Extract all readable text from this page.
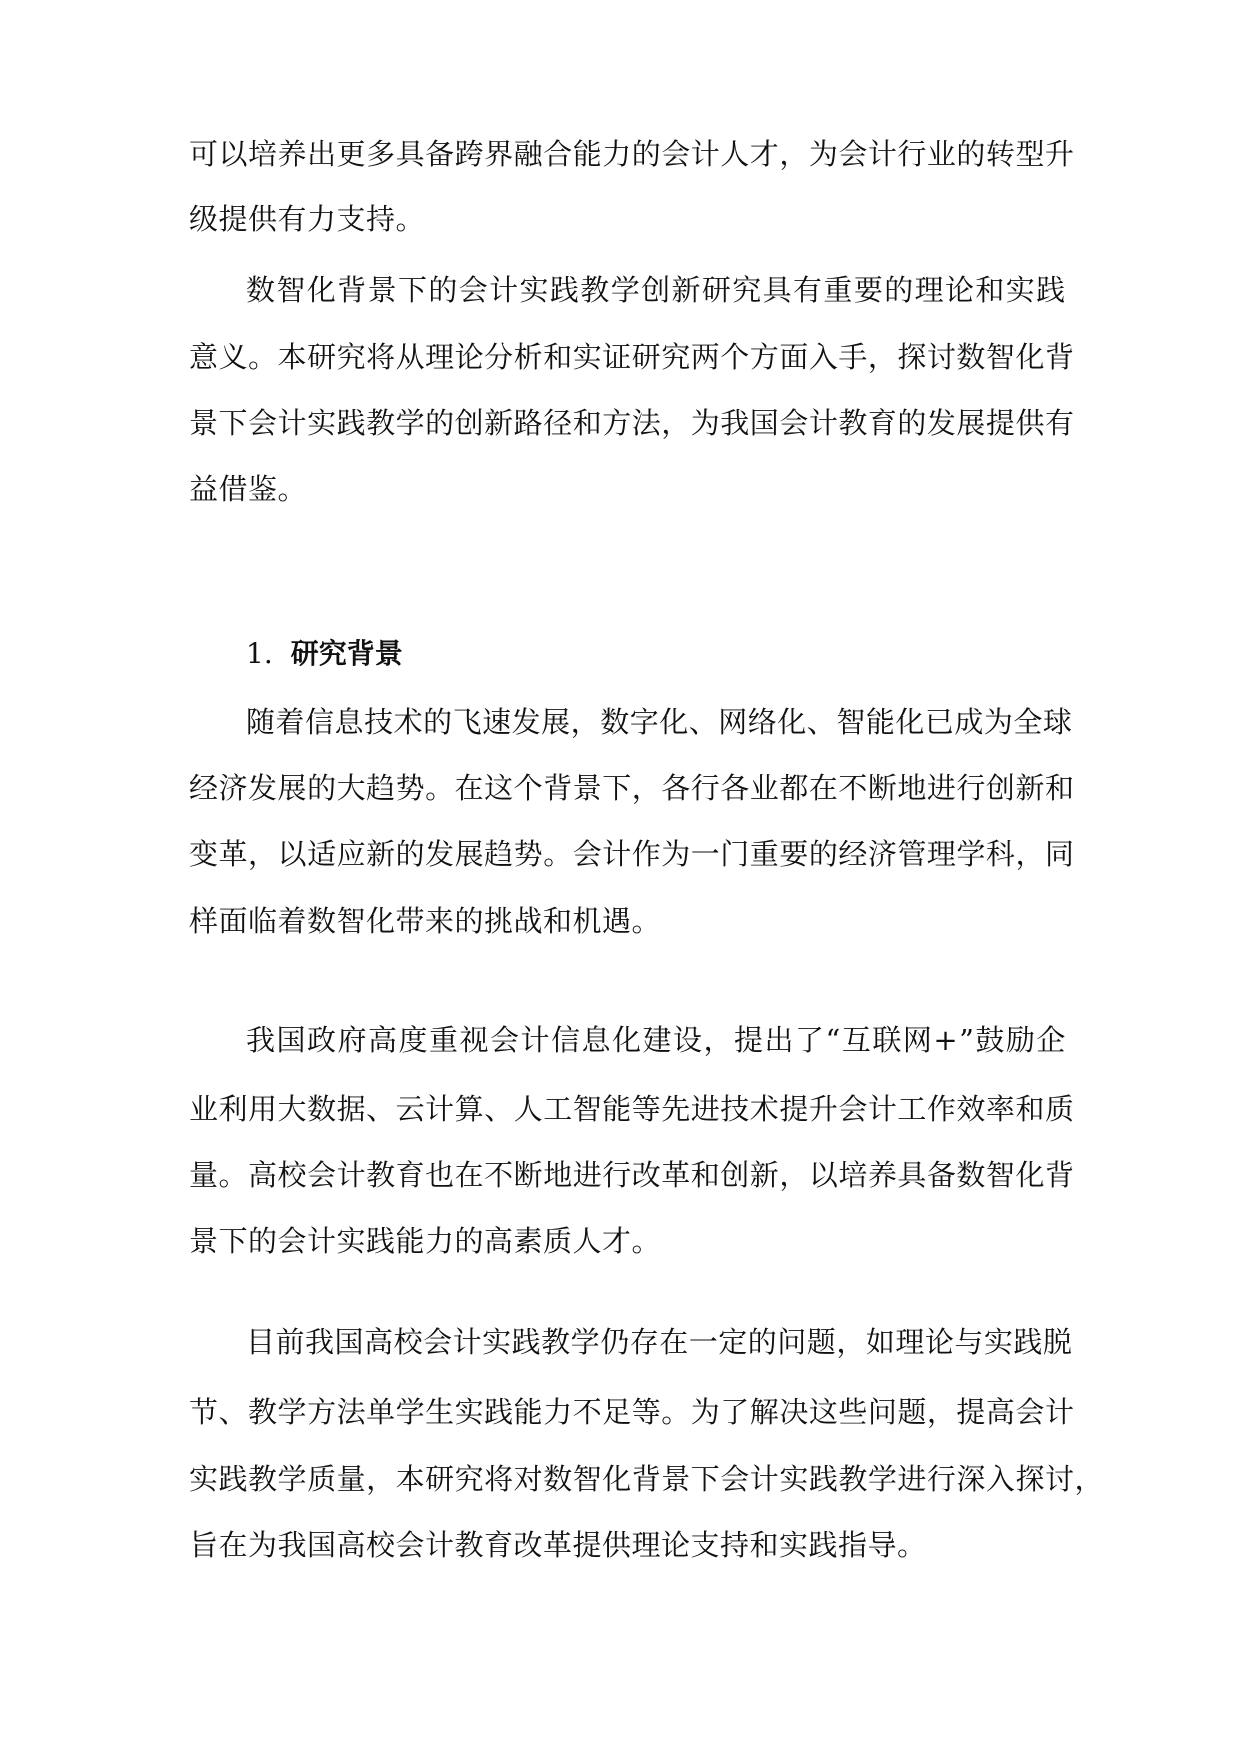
可 以 培 养 出 更 多 具 备 跨 界 融 合 能 力 的 会 计 人 才 ， 为 会 计 行 业 的 转 型 升
级提供有力支持。
数 智 化 背 景 下 的 会 计 实 践 教 学 创 新 研 究 具 有 重 要 的 理 论 和 实 践
意 义 。 本 研 究 将 从 理 论 分 析 和 实 证 研 究 两 个 方 面 入 手 ， 探 讨 数 智 化 背
景 下 会 计 实 践 教 学 的 创 新 路 径 和 方 法 ， 为 我 国 会 计 教 育 的 发 展 提 供 有
益借鉴。
1. 研究背景
随 着 信 息 技 术 的 飞 速 发 展 ， 数 字 化 、 网 络 化 、 智 能 化 已 成 为 全 球
经 济 发 展 的 大 趋 势 。 在 这 个 背 景 下 ， 各 行 各 业 都 在 不 断 地 进 行 创 新 和
变 革 ， 以 适 应 新 的 发 展 趋 势 。 会 计 作 为 一 门 重 要 的 经 济 管 理 学 科 ， 同
样面临着数智化带来的挑战和机遇。
我 国 政 府 高 度 重 视 会 计 信 息 化 建 设 ， 提 出 了 “ 互 联 网 + ” 鼓 励 企
业 利 用 大 数 据 、 云 计 算 、 人 工 智 能 等 先 进 技 术 提 升 会 计 工 作 效 率 和 质
量 。 高 校 会 计 教 育 也 在 不 断 地 进 行 改 革 和 创 新 ， 以 培 养 具 备 数 智 化 背
景下的会计实践能力的高素质人才。
目 前 我 国 高 校 会 计 实 践 教 学 仍 存 在 一 定 的 问 题 ， 如 理 论 与 实 践 脱
节 、 教 学 方 法 单 学 生 实 践 能 力 不 足 等 。 为 了 解 决 这 些 问 题 ， 提 高 会 计
实 践 教 学 质 量 ， 本 研 究 将 对 数 智 化 背 景 下 会 计 实 践 教 学 进 行 深 入 探 讨 ，
旨在为我国高校会计教育改革提供理论支持和实践指导。
